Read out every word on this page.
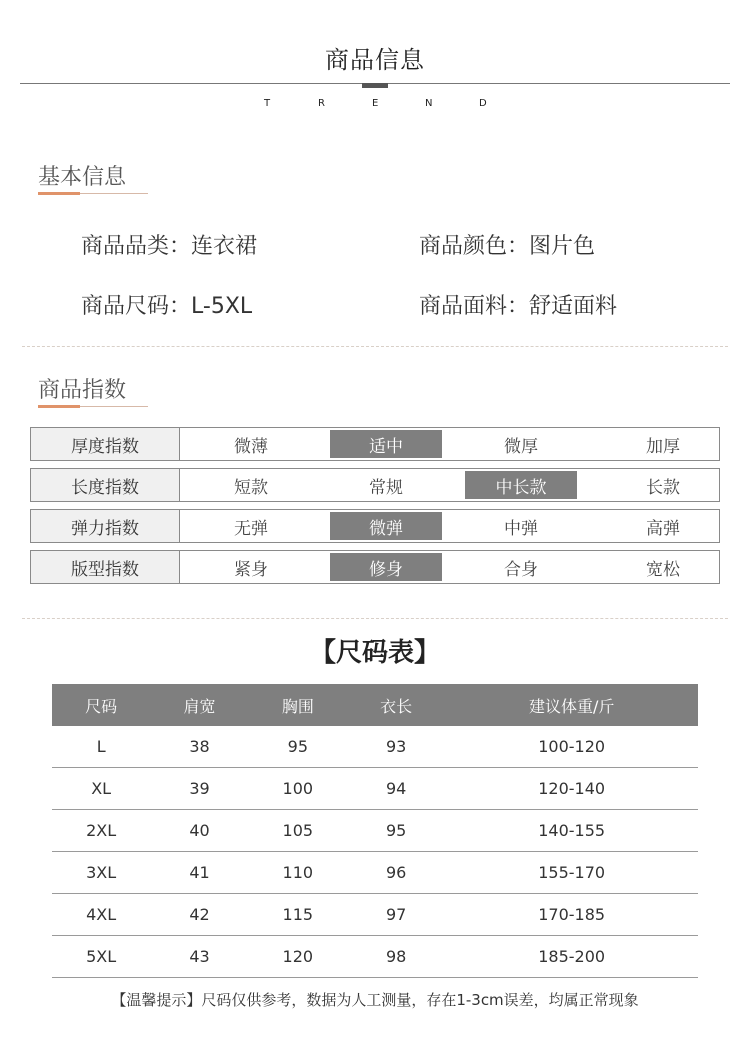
商品信息
T	R	E	N	D
基本信息
商品品类：连衣裙	商品颜色：图片色
商品尺码：L-5XL	商品面料：舒适面料
商品指数
厚度指数	微薄	适中	微厚	加厚
长度指数	短款	常规	中长款	长款
弹力指数	无弹	微弹	中弹	高弹
版型指数	紧身	修身	合身	宽松
【尺码表】
尺码	肩宽	胸围	衣长	建议体重/斤
L	38	95	93	100-120
XL	39	100	94	120-140
2XL	40	105	95	140-155
3XL	41	110	96	155-170
4XL	42	115	97	170-185
5XL	43	120	98	185-200
【温馨提示】尺码仅供参考，数据为人工测量，存在1-3cm误差，均属正常现象
